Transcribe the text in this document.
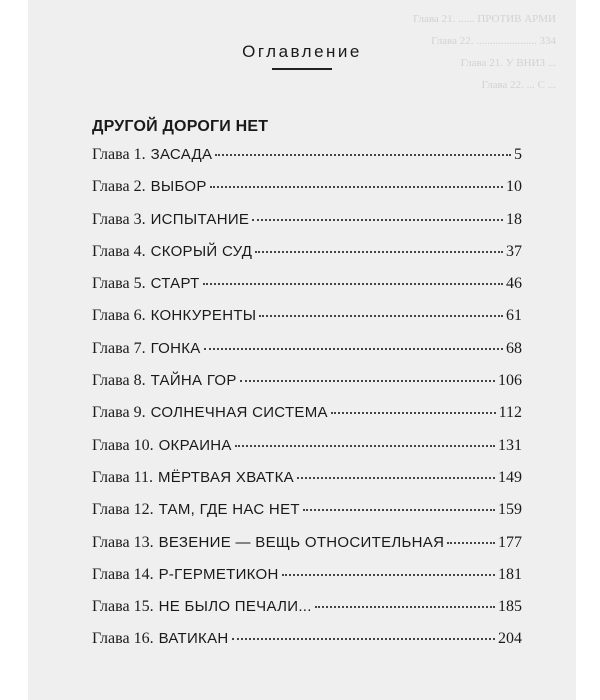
Глава 21. ...... ПРОТИВ АРМИ
Глава 22. ...................... 334
Глава 21. У ВНИЗ ...
Глава 22. ... С ...
Оглавление
ДРУГОЙ ДОРОГИ НЕТ
Глава 1. ЗАСАДА	5
Глава 2. ВЫБОР	10
Глава 3. ИСПЫТАНИЕ	18
Глава 4. СКОРЫЙ СУД	37
Глава 5. СТАРТ	46
Глава 6. КОНКУРЕНТЫ	61
Глава 7. ГОНКА	68
Глава 8. ТАЙНА ГОР	106
Глава 9. СОЛНЕЧНАЯ СИСТЕМА	112
Глава 10. ОКРАИНА	131
Глава 11. МЁРТВАЯ ХВАТКА	149
Глава 12. ТАМ, ГДЕ НАС НЕТ	159
Глава 13. ВЕЗЕНИЕ — ВЕЩЬ ОТНОСИТЕЛЬНАЯ	177
Глава 14. Р-ГЕРМЕТИКОН	181
Глава 15. НЕ БЫЛО ПЕЧАЛИ...	185
Глава 16. ВАТИКАН	204
